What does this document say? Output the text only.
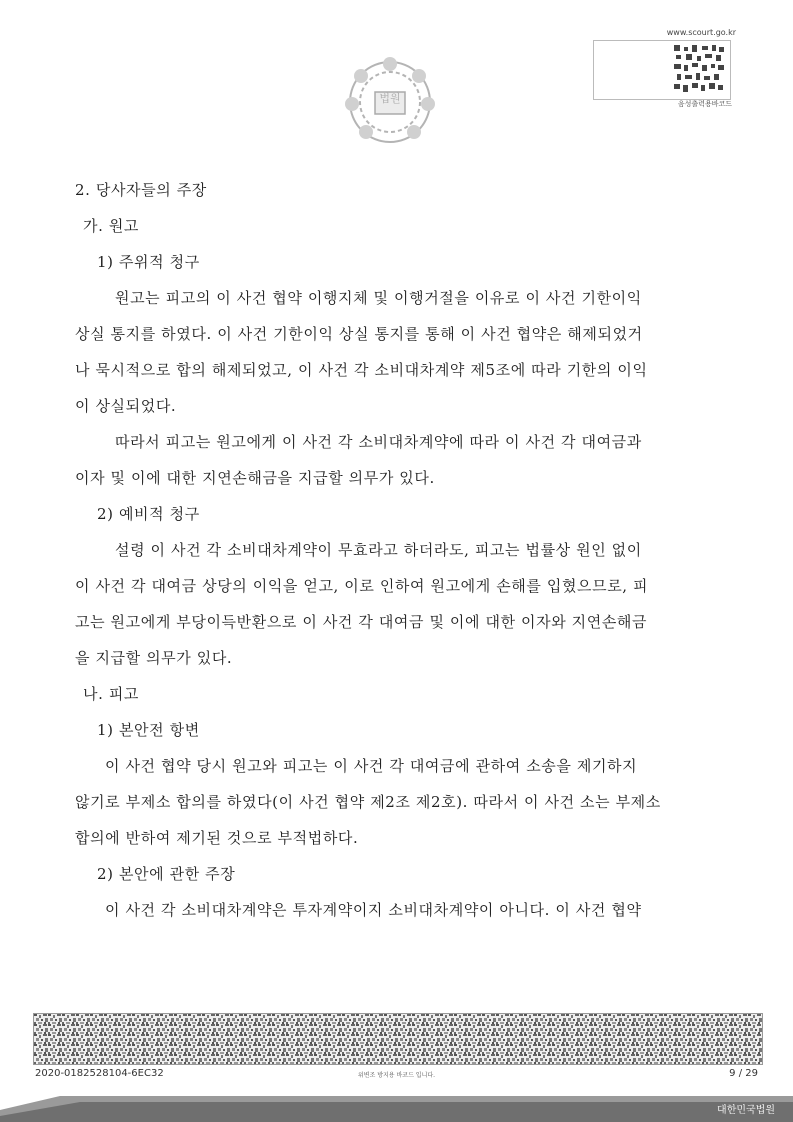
법원
www.scourt.go.kr
음성출력용바코드
2. 당사자들의 주장
가. 원고
1) 주위적 청구
원고는 피고의 이 사건 협약 이행지체 및 이행거절을 이유로 이 사건 기한이익
상실 통지를 하였다. 이 사건 기한이익 상실 통지를 통해 이 사건 협약은 해제되었거
나 묵시적으로 합의 해제되었고, 이 사건 각 소비대차계약 제5조에 따라 기한의 이익
이 상실되었다.
따라서 피고는 원고에게 이 사건 각 소비대차계약에 따라 이 사건 각 대여금과
이자 및 이에 대한 지연손해금을 지급할 의무가 있다.
2) 예비적 청구
설령 이 사건 각 소비대차계약이 무효라고 하더라도, 피고는 법률상 원인 없이
이 사건 각 대여금 상당의 이익을 얻고, 이로 인하여 원고에게 손해를 입혔으므로, 피
고는 원고에게 부당이득반환으로 이 사건 각 대여금 및 이에 대한 이자와 지연손해금
을 지급할 의무가 있다.
나. 피고
1) 본안전 항변
이 사건 협약 당시 원고와 피고는 이 사건 각 대여금에 관하여 소송을 제기하지
않기로 부제소 합의를 하였다(이 사건 협약 제2조 제2호). 따라서 이 사건 소는 부제소
합의에 반하여 제기된 것으로 부적법하다.
2) 본안에 관한 주장
이 사건 각 소비대차계약은 투자계약이지 소비대차계약이 아니다. 이 사건 협약
2020-0182528104-6EC32	위변조 방지용 바코드 입니다.	9 / 29
대한민국법원
